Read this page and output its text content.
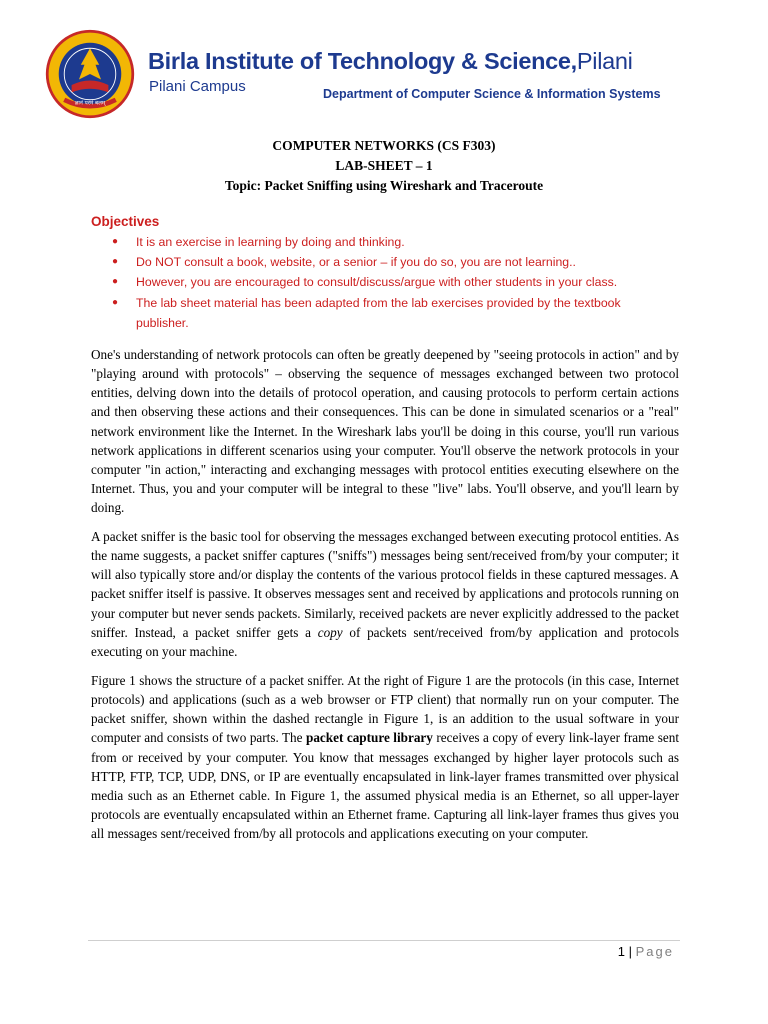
ज्ञानं परमं बलम्
Birla Institute of Technology & Science,Pilani
Pilani Campus	Department of Computer Science & Information Systems
COMPUTER NETWORKS (CS F303)
LAB-SHEET – 1
Topic: Packet Sniffing using Wireshark and Traceroute
Objectives
● It is an exercise in learning by doing and thinking.
● Do NOT consult a book, website, or a senior – if you do so, you are not learning..
● However, you are encouraged to consult/discuss/argue with other students in your class.
● The lab sheet material has been adapted from the lab exercises provided by the textbook publisher.

One's understanding of network protocols can often be greatly deepened by "seeing protocols in action" and by "playing around with protocols" – observing the sequence of messages exchanged between two protocol entities, delving down into the details of protocol operation, and causing protocols to perform certain actions and then observing these actions and their consequences. This can be done in simulated scenarios or a "real" network environment like the Internet. In the Wireshark labs you'll be doing in this course, you'll run various network applications in different scenarios using your computer. You'll observe the network protocols in your computer "in action," interacting and exchanging messages with protocol entities executing elsewhere on the Internet. Thus, you and your computer will be integral to these "live" labs. You'll observe, and you'll learn by doing.

A packet sniffer is the basic tool for observing the messages exchanged between executing protocol entities. As the name suggests, a packet sniffer captures ("sniffs") messages being sent/received from/by your computer; it will also typically store and/or display the contents of the various protocol fields in these captured messages. A packet sniffer itself is passive. It observes messages sent and received by applications and protocols running on your computer but never sends packets. Similarly, received packets are never explicitly addressed to the packet sniffer. Instead, a packet sniffer gets a copy of packets sent/received from/by application and protocols executing on your machine.

Figure 1 shows the structure of a packet sniffer. At the right of Figure 1 are the protocols (in this case, Internet protocols) and applications (such as a web browser or FTP client) that normally run on your computer. The packet sniffer, shown within the dashed rectangle in Figure 1, is an addition to the usual software in your computer and consists of two parts. The packet capture library receives a copy of every link-layer frame sent from or received by your computer. You know that messages exchanged by higher layer protocols such as HTTP, FTP, TCP, UDP, DNS, or IP are eventually encapsulated in link-layer frames transmitted over physical media such as an Ethernet cable. In Figure 1, the assumed physical media is an Ethernet, so all upper-layer protocols are eventually encapsulated within an Ethernet frame. Capturing all link-layer frames thus gives you all messages sent/received from/by all protocols and applications executing on your computer.

1 | Page
